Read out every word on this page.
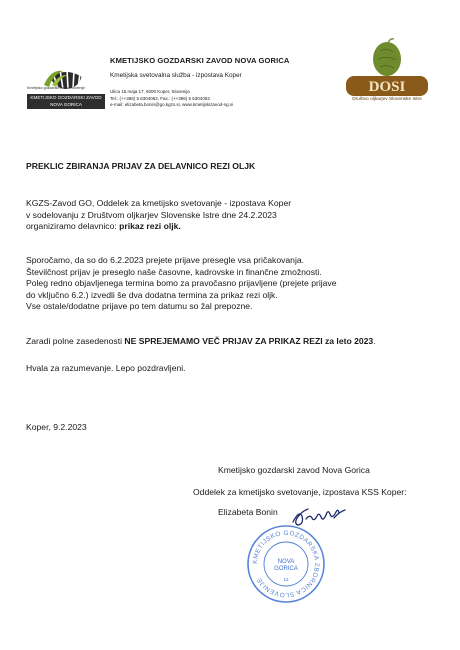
Kmetijsko gozdarski zavod Slovenije
KMETIJSKO GOZDARSKI ZAVOD
NOVA GORICA
KMETIJSKO GOZDARSKI ZAVOD NOVA GORICA
Kmetijska svetovalna služba - izpostava Koper
Ulica 15.maja 17, 6000 Koper, Slovenija
Tel.: (++386) 5 6304062, Fax.: (++386) 5 6304062
e-mail: elizabeta.bonin@go.kgzs.si, www.kmetijskizavod-ng.si
DOSI
Društvo oljkarjev Slovenske Istre
PREKLIC ZBIRANJA PRIJAV ZA DELAVNICO REZI OLJK
KGZS-Zavod GO, Oddelek za kmetijsko svetovanje - izpostava Koper
v sodelovanju z Društvom oljkarjev Slovenske Istre dne 24.2.2023
organiziramo delavnico: prikaz rezi oljk.
Sporočamo, da so do 6.2.2023 prejete prijave presegle vsa pričakovanja.
Številčnost prijav je preseglo naše časovne, kadrovske in finančne zmožnosti.
Poleg redno objavljenega termina bomo za pravočasno prijavljene (prejete prijave
do vključno 6.2.) izvedli še dva dodatna termina za prikaz rezi oljk.
Vse ostale/dodatne prijave po tem datumu so žal prepozne.
Zaradi polne zasedenosti NE SPREJEMAMO VEČ PRIJAV ZA PRIKAZ REZI za leto 2023.
Hvala za razumevanje. Lepo pozdravljeni.
Koper, 9.2.2023
Kmetijsko gozdarski zavod Nova Gorica
Oddelek za kmetijsko svetovanje, izpostava KSS Koper:
Elizabeta Bonin
KMETIJSKO GOZDARSKA ZBORNICA SLOVENIJE
NOVA
GORICA
12
